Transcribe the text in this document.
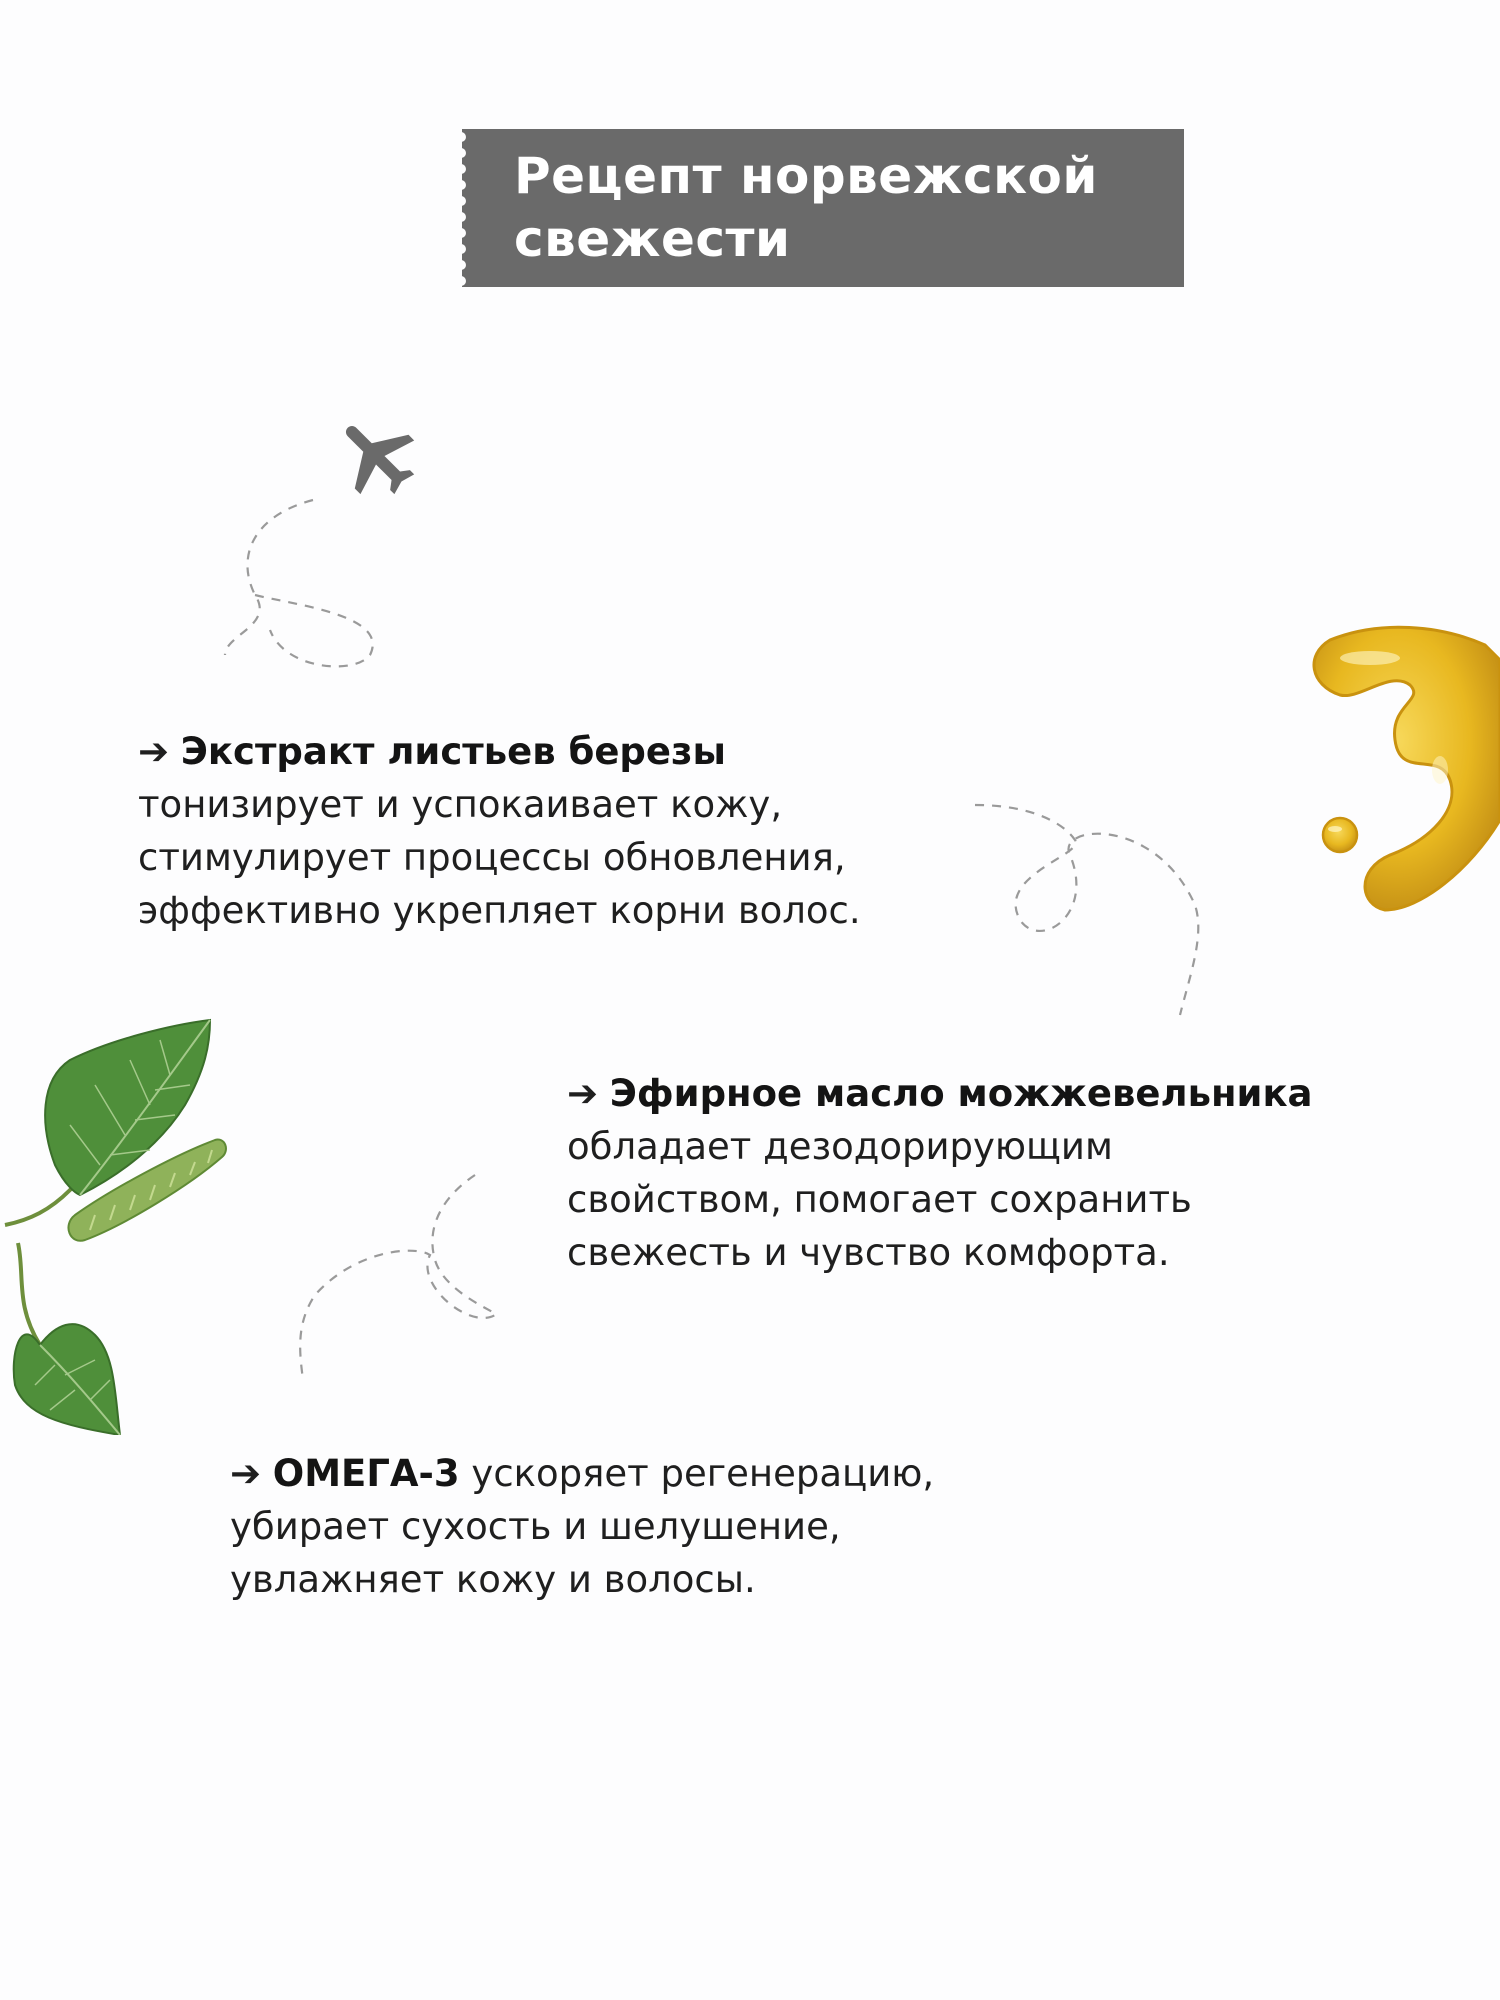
Рецепт норвежской
свежести

➔ Экстракт листьев березы
тонизирует и успокаивает кожу,
стимулирует процессы обновления,
эффективно укрепляет корни волос.

➔ Эфирное масло можжевельника
обладает дезодорирующим
свойством, помогает сохранить
свежесть и чувство комфорта.

➔ ОМЕГА-3 ускоряет регенерацию,
убирает сухость и шелушение,
увлажняет кожу и волосы.
